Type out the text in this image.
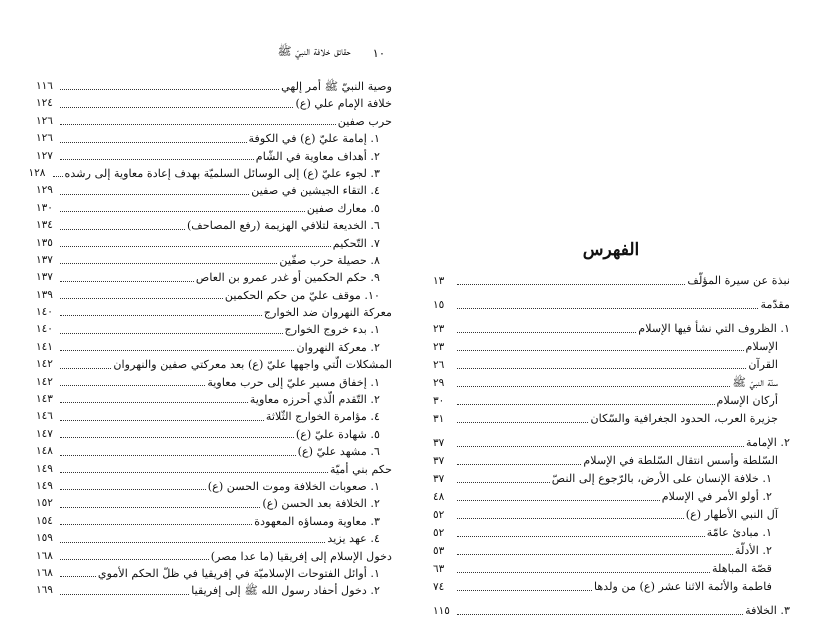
١٠
حقائق خلافة النبيّ ﷺ
وصية النبيّ ﷺ أمر إلهي
١١٦
خلافة الإمام علي (ع)
١٢٤
حرب صفين
١٢٦
١. إمامة عليّ (ع) في الكوفة
١٢٦
٢. أهداف معاوية في الشّام
١٢٧
٣. لجوء عليّ (ع) إلى الوسائل السلميّة بهدف إعادة معاوية إلى رشده
١٢٨
٤. التقاء الجيشين في صفين
١٢٩
٥. معارك صفين
١٣٠
٦. الخديعة لتلافي الهزيمة (رفع المصاحف)
١٣٤
٧. التّحكيم
١٣٥
٨. حصيلة حرب صفّين
١٣٧
٩. حكم الحكمين أو غدر عمرو بن العاص
١٣٧
١٠. موقف عليّ من حكم الحكمين
١٣٩
معركة النهروان ضد الخوارج
١٤٠
١. بدء خروج الخوارج
١٤٠
٢. معركة النهروان
١٤١
المشكلات الّتي واجهها عليّ (ع) بعد معركتي صفين والنهروان
١٤٢
١. إخفاق مسير عليّ إلى حرب معاوية
١٤٢
٢. التّقدم الّذي أحرزه معاوية
١٤٣
٤. مؤامرة الخوارج الثّلاثة
١٤٦
٥. شهادة عليّ (ع)
١٤٧
٦. مشهد عليّ (ع)
١٤٨
حكم بني أميّة
١٤٩
١. صعوبات الخلافة وموت الحسن (ع)
١٤٩
٢. الخلافة بعد الحسن (ع)
١٥٢
٣. معاوية ومساؤه المعهودة
١٥٤
٤. عهد يزيد
١٥٩
دخول الإسلام إلى إفريقيا (ما عدا مصر)
١٦٨
١. أوائل الفتوحات الإسلاميّة في إفريقيا في ظلّ الحكم الأموي
١٦٨
٢. دخول أحفاد رسول الله ﷺ إلى إفريقيا
١٦٩
الفهرس
نبذة عن سيرة المؤلّف
١٣
مقدّمة
١٥
١. الظروف التي نشأ فيها الإسلام
٢٣
الإسلام
٢٣
القرآن
٢٦
سنّة النبيّ ﷺ
٢٩
أركان الإسلام
٣٠
جزيرة العرب، الحدود الجغرافية والسّكان
٣١
٢. الإمامة
٣٧
السّلطة وأسس انتقال السّلطة في الإسلام
٣٧
١. خلافة الإنسان على الأرض، بالرّجوع إلى النصّ
٣٧
٢. أولو الأمر في الإسلام
٤٨
آل النبي الأطهار (ع)
٥٢
١. مبادئ عامّة
٥٢
٢. الأدلّة
٥٣
قصّة المباهلة
٦٣
فاطمة والأئمة الاثنا عشر (ع) من ولدها
٧٤
٣. الخلافة
١١٥
